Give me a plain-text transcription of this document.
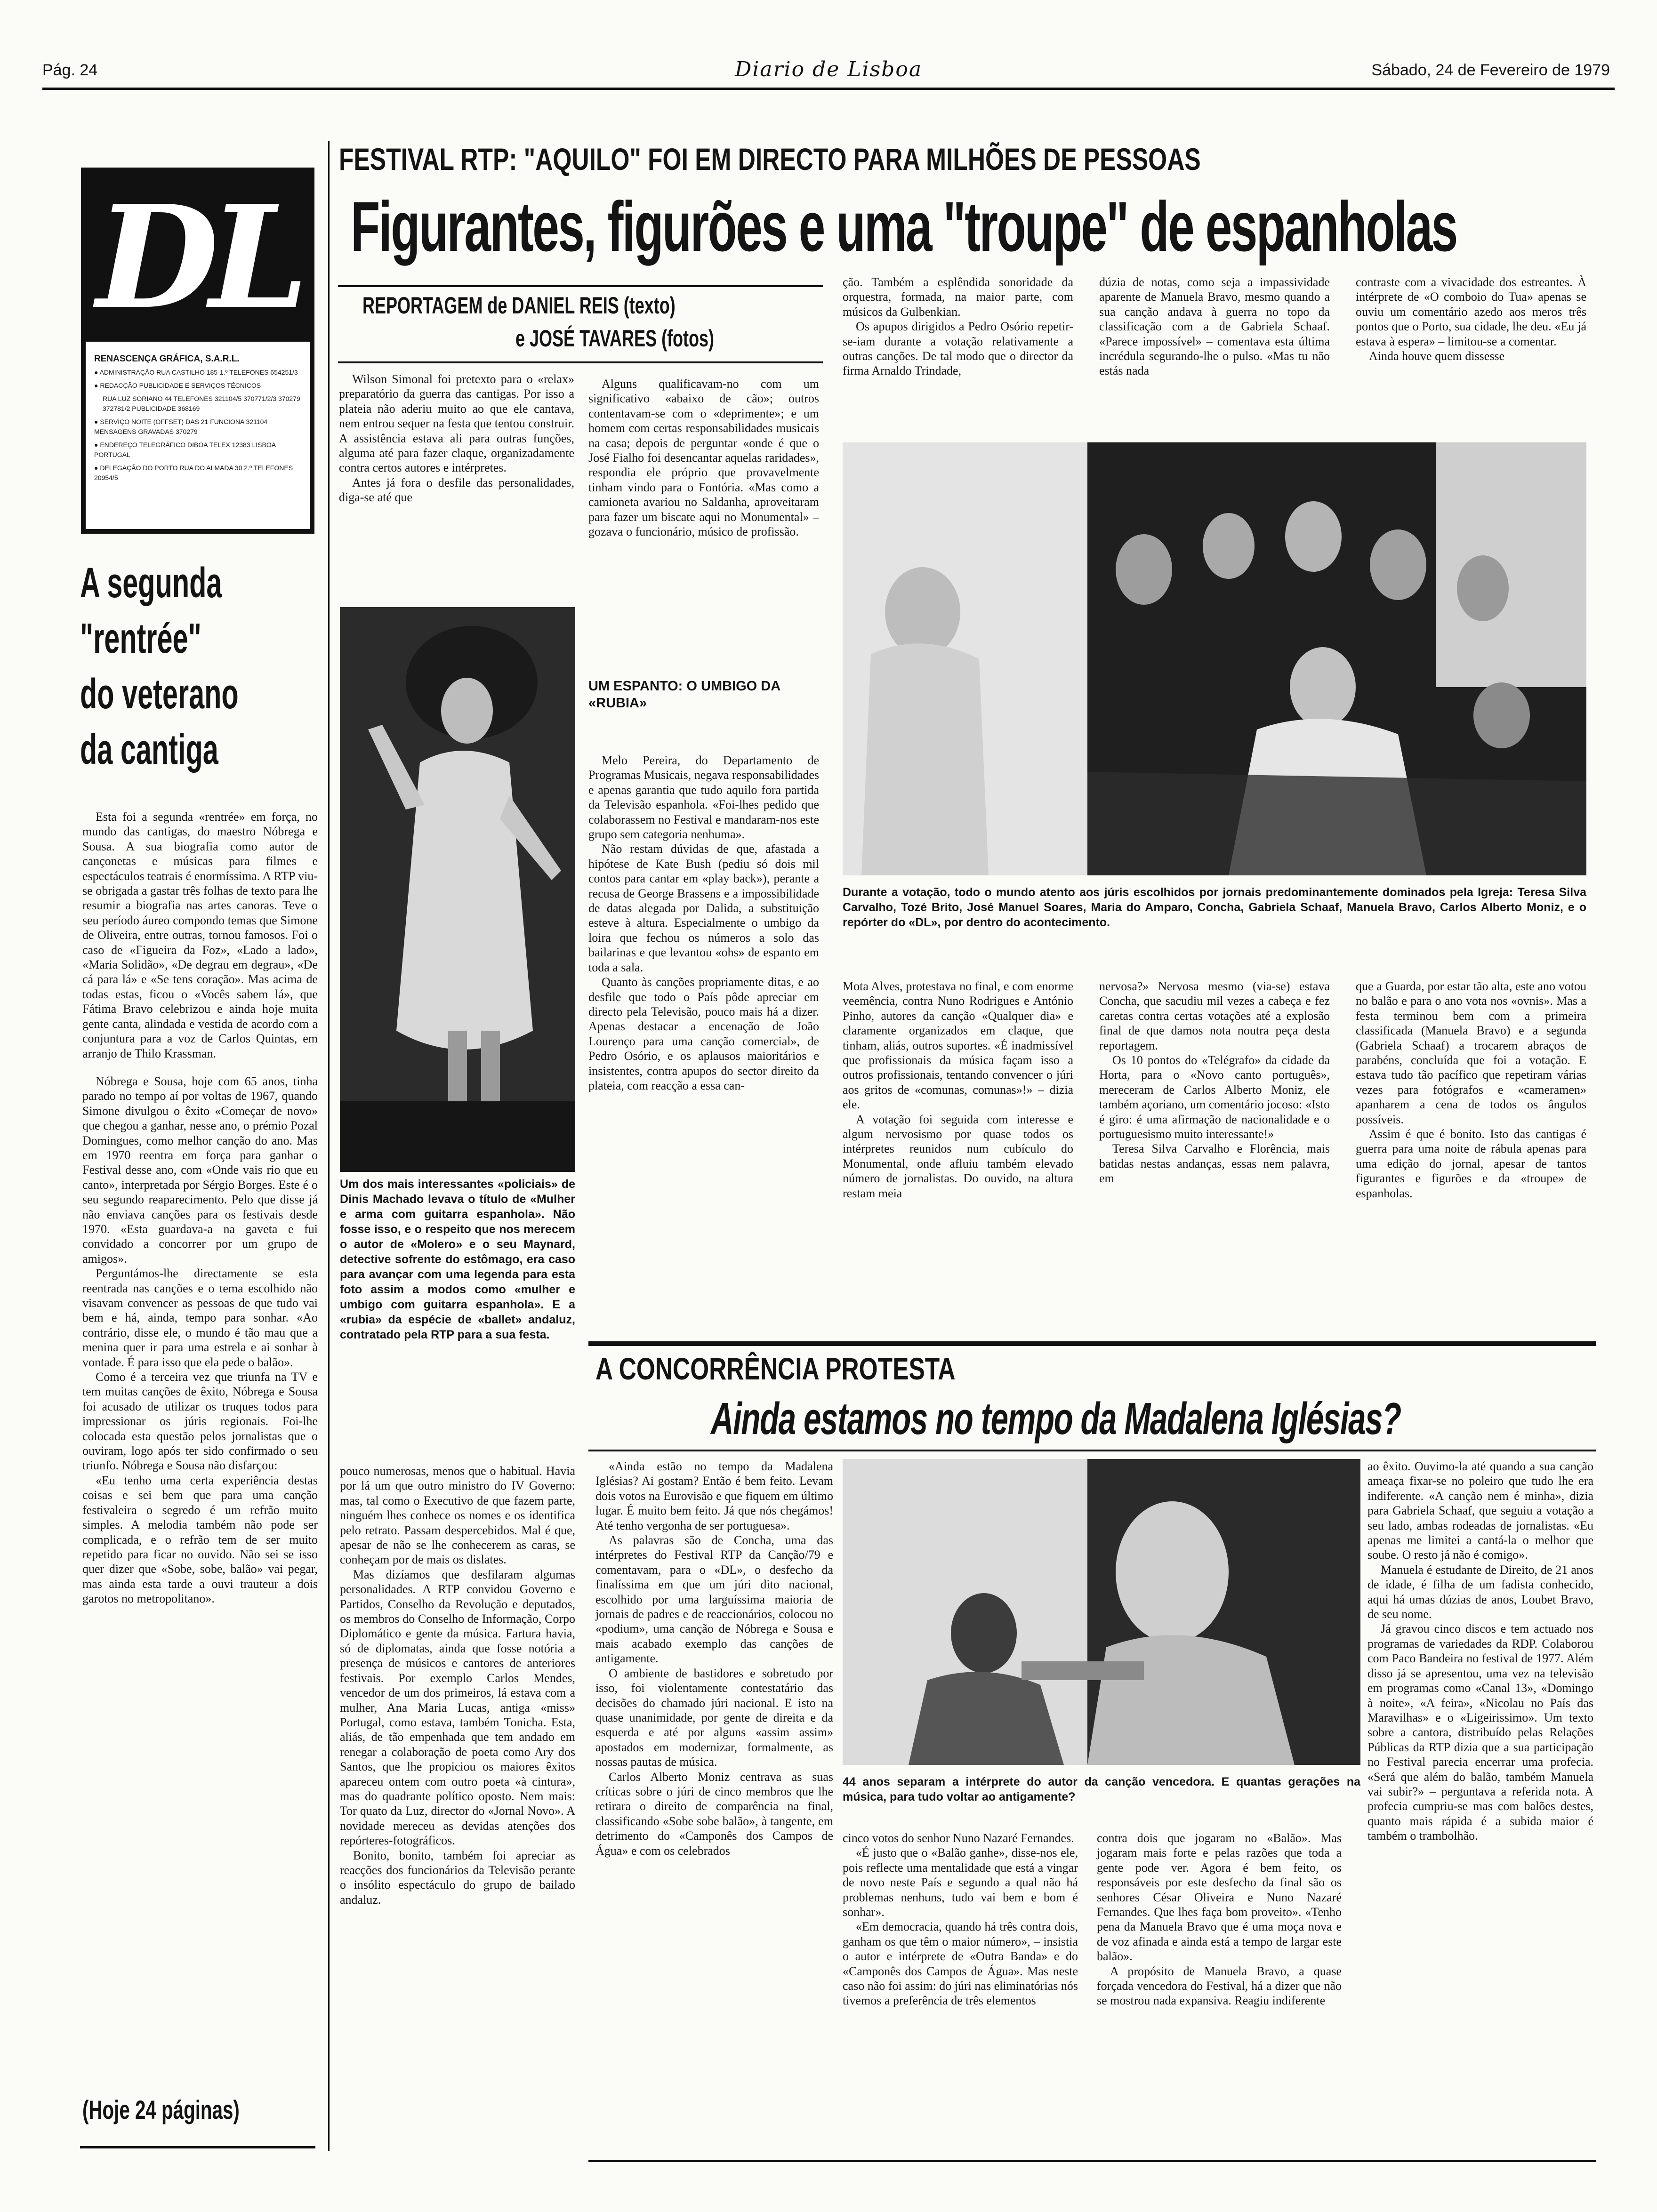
Pág. 24	Diario de Lisboa	Sábado, 24 de Fevereiro de 1979
DL
RENASCENÇA GRÁFICA, S.A.R.L.
● ADMINISTRAÇÃO RUA CASTILHO 185-1.º TELEFONES 654251/3
● REDACÇÃO PUBLICIDADE E SERVIÇOS TÉCNICOS
RUA LUZ SORIANO 44 TELEFONES 321104/5 370771/2/3 370279 372781/2 PUBLICIDADE 368169
● SERVIÇO NOITE (OFFSET) DAS 21 FUNCIONA 321104 MENSAGENS GRAVADAS 370279
● ENDEREÇO TELEGRÁFICO DIBOA TELEX 12383 LISBOA PORTUGAL
● DELEGAÇÃO DO PORTO RUA DO ALMADA 30 2.º TELEFONES 20954/5
FESTIVAL RTP: "AQUILO" FOI EM DIRECTO PARA MILHÕES DE PESSOAS
Figurantes, figurões e uma "troupe" de espanholas
REPORTAGEM de DANIEL REIS (texto)
e JOSÉ TAVARES (fotos)
A segunda
"rentrée"
do veterano
da cantiga

Esta foi a segunda «rentrée» em força, no mundo das cantigas, do maestro Nóbrega e Sousa. A sua biografia como autor de cançonetas e músicas para filmes e espectáculos teatrais é enormíssima. A RTP viu-se obrigada a gastar três folhas de texto para lhe resumir a biografia nas artes canoras. Teve o seu período áureo compondo temas que Simone de Oliveira, entre outras, tornou famosos. Foi o caso de «Figueira da Foz», «Lado a lado», «Maria Solidão», «De degrau em degrau», «De cá para lá» e «Se tens coração». Mas acima de todas estas, ficou o «Vocês sabem lá», que Fátima Bravo celebrizou e ainda hoje muita gente canta, alindada e vestida de acordo com a conjuntura para a voz de Carlos Quintas, em arranjo de Thilo Krassman.

Nóbrega e Sousa, hoje com 65 anos, tinha parado no tempo aí por voltas de 1967, quando Simone divulgou o êxito «Começar de novo» que chegou a ganhar, nesse ano, o prémio Pozal Domingues, como melhor canção do ano. Mas em 1970 reentra em força para ganhar o Festival desse ano, com «Onde vais rio que eu canto», interpretada por Sérgio Borges. Este é o seu segundo reaparecimento. Pelo que disse já não enviava canções para os festivais desde 1970. «Esta guardava-a na gaveta e fui convidado a concorrer por um grupo de amigos».

Perguntámos-lhe directamente se esta reentrada nas canções e o tema escolhido não visavam convencer as pessoas de que tudo vai bem e há, ainda, tempo para sonhar. «Ao contrário, disse ele, o mundo é tão mau que a menina quer ir para uma estrela e ai sonhar à vontade. É para isso que ela pede o balão».

Como é a terceira vez que triunfa na TV e tem muitas canções de êxito, Nóbrega e Sousa foi acusado de utilizar os truques todos para impressionar os júris regionais. Foi-lhe colocada esta questão pelos jornalistas que o ouviram, logo após ter sido confirmado o seu triunfo. Nóbrega e Sousa não disfarçou:

«Eu tenho uma certa experiência destas coisas e sei bem que para uma canção festivaleira o segredo é um refrão muito simples. A melodia também não pode ser complicada, e o refrão tem de ser muito repetido para ficar no ouvido. Não sei se isso quer dizer que «Sobe, sobe, balão» vai pegar, mas ainda esta tarde a ouvi trauteur a dois garotos no metropolitano».

(Hoje 24 páginas)

Wilson Simonal foi pretexto para o «relax» preparatório da guerra das cantigas. Por isso a plateia não aderiu muito ao que ele cantava, nem entrou sequer na festa que tentou construir. A assistência estava ali para outras funções, alguma até para fazer claque, organizadamente contra certos autores e intérpretes.

Antes já fora o desfile das personalidades, diga-se até que

Um dos mais interessantes «policiais» de Dinis Machado levava o título de «Mulher e arma com guitarra espanhola». Não fosse isso, e o respeito que nos merecem o autor de «Molero» e o seu Maynard, detective sofrente do estômago, era caso para avançar com uma legenda para esta foto assim a modos como «mulher e umbigo com guitarra espanhola». E a «rubia» da espécie de «ballet» andaluz, contratado pela RTP para a sua festa.

pouco numerosas, menos que o habitual. Havia por lá um que outro ministro do IV Governo: mas, tal como o Executivo de que fazem parte, ninguém lhes conhece os nomes e os identifica pelo retrato. Passam despercebidos. Mal é que, apesar de não se lhe conhecerem as caras, se conheçam por de mais os dislates.

Mas dizíamos que desfilaram algumas personalidades. A RTP convidou Governo e Partidos, Conselho da Revolução e deputados, os membros do Conselho de Informação, Corpo Diplomático e gente da música. Fartura havia, só de diplomatas, ainda que fosse notória a presença de músicos e cantores de anteriores festivais. Por exemplo Carlos Mendes, vencedor de um dos primeiros, lá estava com a mulher, Ana Maria Lucas, antiga «miss» Portugal, como estava, também Tonicha. Esta, aliás, de tão empenhada que tem andado em renegar a colaboração de poeta como Ary dos Santos, que lhe propiciou os maiores êxitos apareceu ontem com outro poeta «à cintura», mas do quadrante político oposto. Nem mais: Tor quato da Luz, director do «Jornal Novo». A novidade mereceu as devidas atenções dos repórteres-fotográficos.

Bonito, bonito, também foi apreciar as reacções dos funcionários da Televisão perante o insólito espectáculo do grupo de bailado andaluz.

Alguns qualificavam-no com um significativo «abaixo de cão»; outros contentavam-se com o «deprimente»; e um homem com certas responsabilidades musicais na casa; depois de perguntar «onde é que o José Fialho foi desencantar aquelas raridades», respondia ele próprio que provavelmente tinham vindo para o Fontória. «Mas como a camioneta avariou no Saldanha, aproveitaram para fazer um biscate aqui no Monumental» –gozava o funcionário, músico de profissão.

UM ESPANTO: O UMBIGO DA «RUBIA»

Melo Pereira, do Departamento de Programas Musicais, negava responsabilidades e apenas garantia que tudo aquilo fora partida da Televisão espanhola. «Foi-lhes pedido que colaborassem no Festival e mandaram-nos este grupo sem categoria nenhuma».

Não restam dúvidas de que, afastada a hipótese de Kate Bush (pediu só dois mil contos para cantar em «play back»), perante a recusa de George Brassens e a impossibilidade de datas alegada por Dalida, a substituição esteve à altura. Especialmente o umbigo da loira que fechou os números a solo das bailarinas e que levantou «ohs» de espanto em toda a sala.

Quanto às canções propriamente ditas, e ao desfile que todo o País pôde apreciar em directo pela Televisão, pouco mais há a dizer. Apenas destacar a encenação de João Lourenço para uma canção comercial», de Pedro Osório, e os aplausos maioritários e insistentes, contra apupos do sector direito da plateia, com reacção a essa can-

ção. Também a esplêndida sonoridade da orquestra, formada, na maior parte, com músicos da Gulbenkian.

Os apupos dirigidos a Pedro Osório repetir-se-iam durante a votação relativamente a outras canções. De tal modo que o director da firma Arnaldo Trindade,

dúzia de notas, como seja a impassividade aparente de Manuela Bravo, mesmo quando a sua canção andava à guerra no topo da classificação com a de Gabriela Schaaf. «Parece impossível» – comentava esta última incrédula segurando-lhe o pulso. «Mas tu não estás nada

contraste com a vivacidade dos estreantes. À intérprete de «O comboio do Tua» apenas se ouviu um comentário azedo aos meros três pontos que o Porto, sua cidade, lhe deu. «Eu já estava à espera» – limitou-se a comentar.

Ainda houve quem dissesse

Durante a votação, todo o mundo atento aos júris escolhidos por jornais predominantemente dominados pela Igreja: Teresa Silva Carvalho, Tozé Brito, José Manuel Soares, Maria do Amparo, Concha, Gabriela Schaaf, Manuela Bravo, Carlos Alberto Moniz, e o repórter do «DL», por dentro do acontecimento.

Mota Alves, protestava no final, e com enorme veemência, contra Nuno Rodrigues e António Pinho, autores da canção «Qualquer dia» e claramente organizados em claque, que tinham, aliás, outros suportes. «É inadmissível que profissionais da música façam isso a outros profissionais, tentando convencer o júri aos gritos de «comunas, comunas»!» – dizia ele.

A votação foi seguida com interesse e algum nervosismo por quase todos os intérpretes reunidos num cubículo do Monumental, onde afluiu também elevado número de jornalistas. Do ouvido, na altura restam meia

nervosa?» Nervosa mesmo (via-se) estava Concha, que sacudiu mil vezes a cabeça e fez caretas contra certas votações até a explosão final de que damos nota noutra peça desta reportagem.

Os 10 pontos do «Telégrafo» da cidade da Horta, para o «Novo canto português», mereceram de Carlos Alberto Moniz, ele também açoriano, um comentário jocoso: «Isto é giro: é uma afirmação de nacionalidade e o portuguesismo muito interessante!»

Teresa Silva Carvalho e Florência, mais batidas nestas andanças, essas nem palavra, em

que a Guarda, por estar tão alta, este ano votou no balão e para o ano vota nos «ovnis». Mas a festa terminou bem com a primeira classificada (Manuela Bravo) e a segunda (Gabriela Schaaf) a trocarem abraços de parabéns, concluída que foi a votação. E estava tudo tão pacífico que repetiram várias vezes para fotógrafos e «cameramen» apanharem a cena de todos os ângulos possíveis.

Assim é que é bonito. Isto das cantigas é guerra para uma noite de rábula apenas para uma edição do jornal, apesar de tantos figurantes e figurões e da «troupe» de espanholas.

A CONCORRÊNCIA PROTESTA
Ainda estamos no tempo da Madalena Iglésias?

«Ainda estão no tempo da Madalena Iglésias? Ai gostam? Então é bem feito. Levam dois votos na Eurovisão e que fiquem em último lugar. É muito bem feito. Já que nós chegámos! Até tenho vergonha de ser portuguesa».

As palavras são de Concha, uma das intérpretes do Festival RTP da Canção/79 e comentavam, para o «DL», o desfecho da finalíssima em que um júri dito nacional, escolhido por uma larguíssima maioria de jornais de padres e de reaccionários, colocou no «podium», uma canção de Nóbrega e Sousa e mais acabado exemplo das canções de antigamente.

O ambiente de bastidores e sobretudo por isso, foi violentamente contestatário das decisões do chamado júri nacional. E isto na quase unanimidade, por gente de direita e da esquerda e até por alguns «assim assim» apostados em modernizar, formalmente, as nossas pautas de música.

Carlos Alberto Moniz centrava as suas críticas sobre o júri de cinco membros que lhe retirara o direito de comparência na final, classificando «Sobe sobe balão», à tangente, em detrimento do «Camponês dos Campos de Água» e com os celebrados

44 anos separam a intérprete do autor da canção vencedora. E quantas gerações na música, para tudo voltar ao antigamente?

cinco votos do senhor Nuno Nazaré Fernandes.

«É justo que o «Balão ganhe», disse-nos ele, pois reflecte uma mentalidade que está a vingar de novo neste País e segundo a qual não há problemas nenhuns, tudo vai bem e bom é sonhar».

«Em democracia, quando há três contra dois, ganham os que têm o maior número», – insistia o autor e intérprete de «Outra Banda» e do «Camponês dos Campos de Água». Mas neste caso não foi assim: do júri nas eliminatórias nós tivemos a preferência de três elementos

contra dois que jogaram no «Balão». Mas jogaram mais forte e pelas razões que toda a gente pode ver. Agora é bem feito, os responsáveis por este desfecho da final são os senhores César Oliveira e Nuno Nazaré Fernandes. Que lhes faça bom proveito». «Tenho pena da Manuela Bravo que é uma moça nova e de voz afinada e ainda está a tempo de largar este balão».

A propósito de Manuela Bravo, a quase forçada vencedora do Festival, há a dizer que não se mostrou nada expansiva. Reagiu indiferente

ao êxito. Ouvimo-la até quando a sua canção ameaça fixar-se no poleiro que tudo lhe era indiferente. «A canção nem é minha», dizia para Gabriela Schaaf, que seguiu a votação a seu lado, ambas rodeadas de jornalistas. «Eu apenas me limitei a cantá-la o melhor que soube. O resto já não é comigo».

Manuela é estudante de Direito, de 21 anos de idade, é filha de um fadista conhecido, aqui há umas dúzias de anos, Loubet Bravo, de seu nome.

Já gravou cinco discos e tem actuado nos programas de variedades da RDP. Colaborou com Paco Bandeira no festival de 1977. Além disso já se apresentou, uma vez na televisão em programas como «Canal 13», «Domingo à noite», «A feira», «Nicolau no País das Maravilhas» e o «Ligeirissimo». Um texto sobre a cantora, distribuído pelas Relações Públicas da RTP dizia que a sua participação no Festival parecia encerrar uma profecia. «Será que além do balão, também Manuela vai subir?» – perguntava a referida nota. A profecia cumpriu-se mas com balões destes, quanto mais rápida é a subida maior é também o trambolhão.
